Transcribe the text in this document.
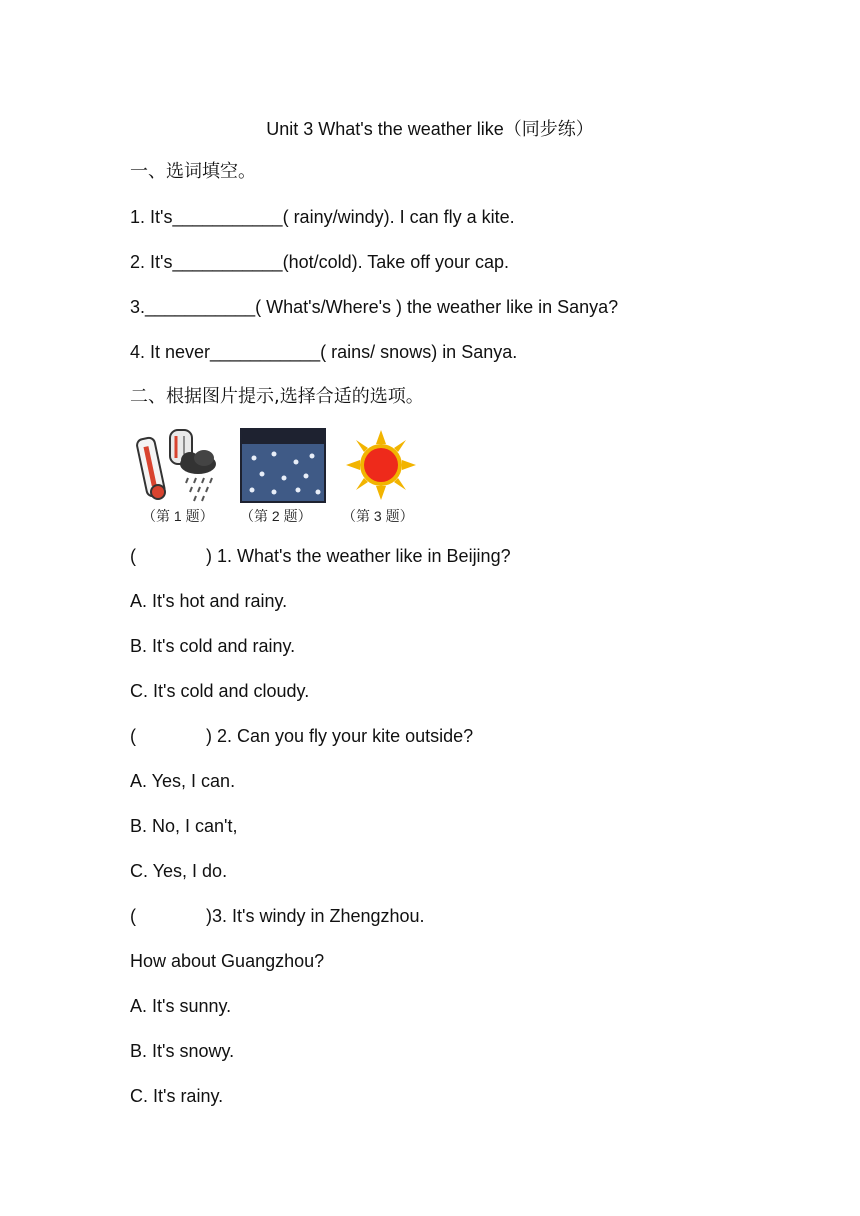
Unit 3 What's the weather like（同步练）
一、选词填空。
1. It's___________( rainy/windy). I can fly a kite.
2. It's___________(hot/cold). Take off your cap.
3.___________( What's/Where's ) the weather like in Sanya?
4. It never___________( rains/ snows) in Sanya.
二、根据图片提示,选择合适的选项。
（第 1 题） （第 2 题） （第 3 题）
(              ) 1. What's the weather like in Beijing?
A. It's hot and rainy.
B. It's cold and rainy.
C. It's cold and cloudy.
(              ) 2. Can you fly your kite outside?
A. Yes, I can.
B. No, I can't,
C. Yes, I do.
(              )3. It's windy in Zhengzhou.
How about Guangzhou?
A. It's sunny.
B. It's snowy.
C. It's rainy.
